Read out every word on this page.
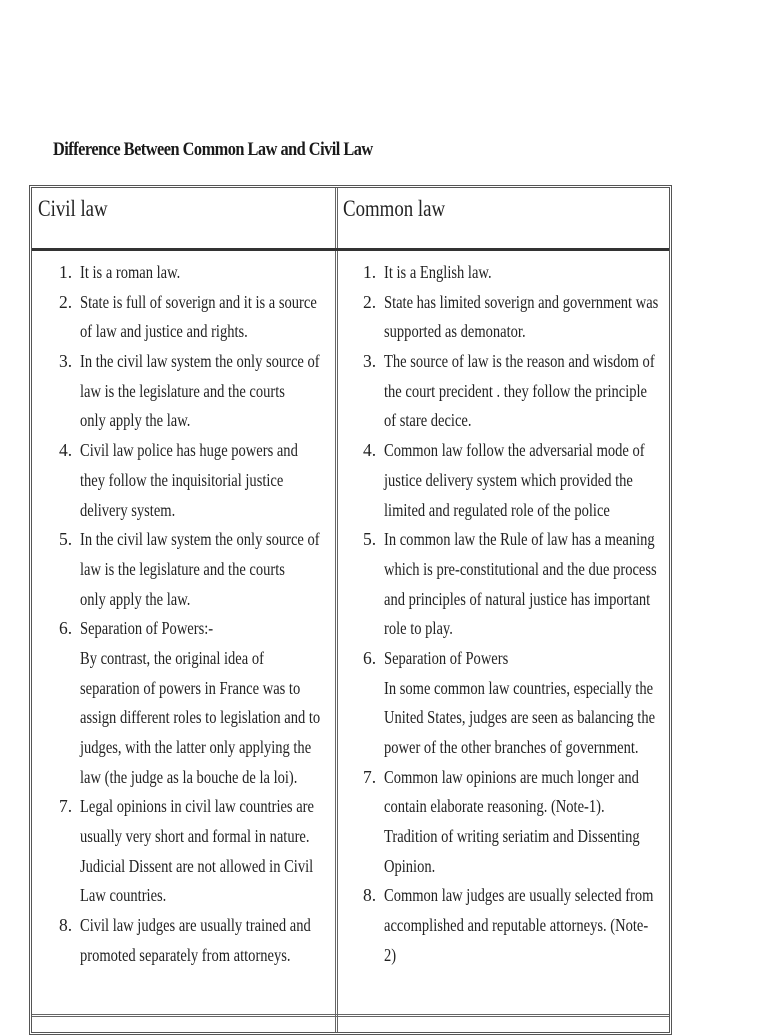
Difference Between Common Law and Civil Law
Civil law	Common law
1. It is a roman law.
2. State is full of soverign and it is a source
of law and justice and rights.
3. In the civil law system the only source of
law is the legislature and the courts
only apply the law.
4. Civil law police has huge powers and
they follow the inquisitorial justice
delivery system.
5. In the civil law system the only source of
law is the legislature and the courts
only apply the law.
6. Separation of Powers:-
By contrast, the original idea of
separation of powers in France was to
assign different roles to legislation and to
judges, with the latter only applying the
law (the judge as la bouche de la loi).
7. Legal opinions in civil law countries are
usually very short and formal in nature.
Judicial Dissent are not allowed in Civil
Law countries.
8. Civil law judges are usually trained and
promoted separately from attorneys.
1. It is a English law.
2. State has limited soverign and government was
supported as demonator.
3. The source of law is the reason and wisdom of
the court precident . they follow the principle
of stare decice.
4. Common law follow the adversarial mode of
justice delivery system which provided the
limited and regulated role of the police
5. In common law the Rule of law has a meaning
which is pre-constitutional and the due process
and principles of natural justice has important
role to play.
6. Separation of Powers
In some common law countries, especially the
United States, judges are seen as balancing the
power of the other branches of government.
7. Common law opinions are much longer and
contain elaborate reasoning. (Note-1).
Tradition of writing seriatim and Dissenting
Opinion.
8. Common law judges are usually selected from
accomplished and reputable attorneys. (Note-
2)
